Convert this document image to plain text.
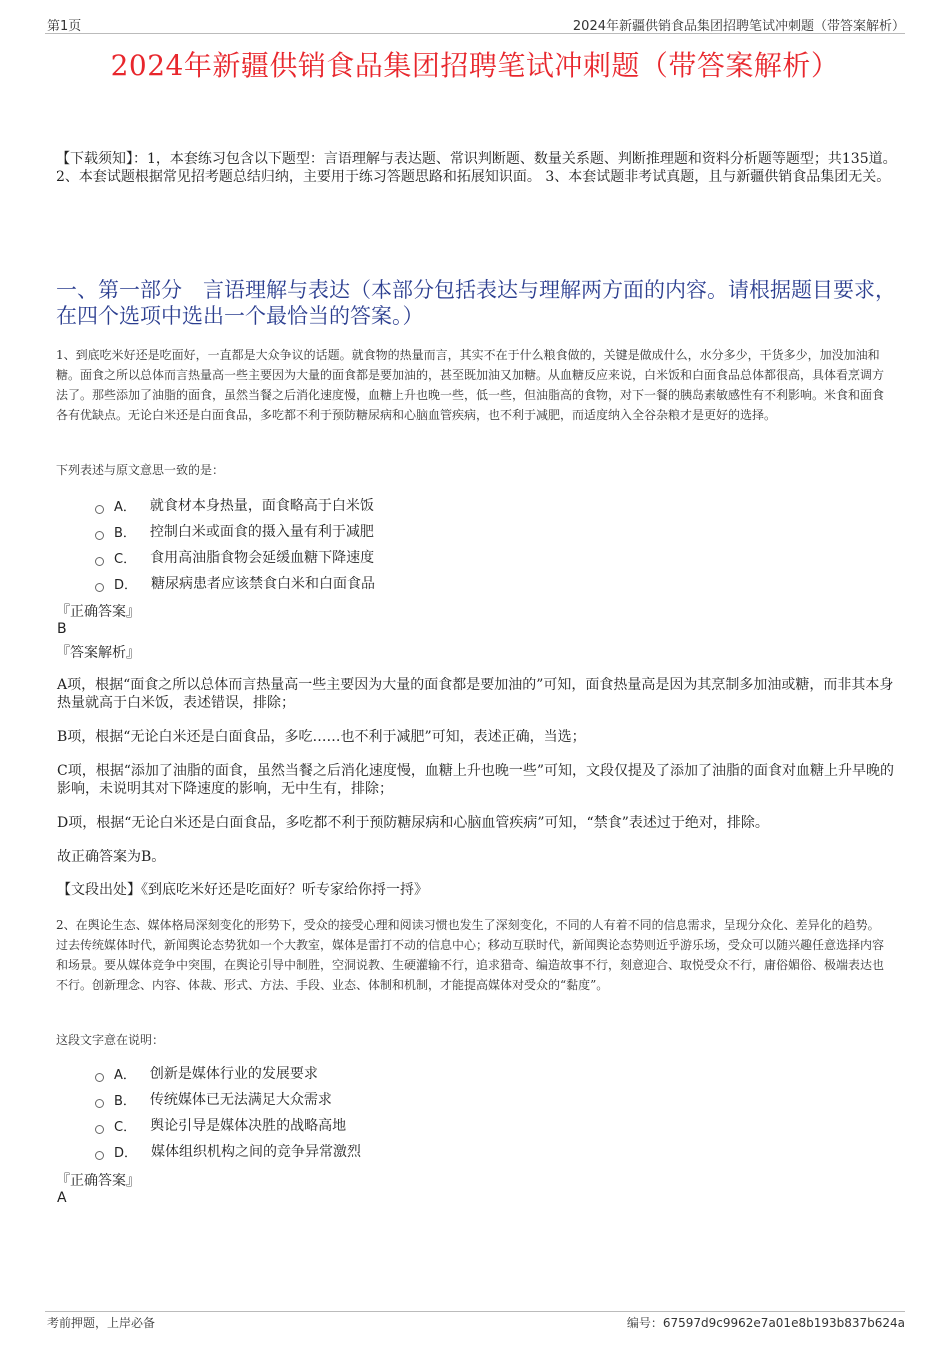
第1页	2024年新疆供销食品集团招聘笔试冲刺题（带答案解析）
2024年新疆供销食品集团招聘笔试冲刺题（带答案解析）
【下载须知】：1，本套练习包含以下题型：言语理解与表达题、常识判断题、数量关系题、判断推理题和资料分析题等题型；共135道。 2、本套试题根据常见招考题总结归纳，主要用于练习答题思路和拓展知识面。 3、本套试题非考试真题，且与新疆供销食品集团无关。
一、第一部分　言语理解与表达（本部分包括表达与理解两方面的内容。请根据题目要求，在四个选项中选出一个最恰当的答案。）
1、到底吃米好还是吃面好，一直都是大众争议的话题。就食物的热量而言，其实不在于什么粮食做的，关键是做成什么，水分多少，干货多少，加没加油和糖。面食之所以总体而言热量高一些主要因为大量的面食都是要加油的，甚至既加油又加糖。从血糖反应来说，白米饭和白面食品总体都很高，具体看烹调方法了。那些添加了油脂的面食，虽然当餐之后消化速度慢，血糖上升也晚一些，低一些，但油脂高的食物，对下一餐的胰岛素敏感性有不利影响。米食和面食各有优缺点。无论白米还是白面食品，多吃都不利于预防糖尿病和心脑血管疾病，也不利于减肥，而适度纳入全谷杂粮才是更好的选择。
下列表述与原文意思一致的是：
A． 就食材本身热量，面食略高于白米饭
B． 控制白米或面食的摄入量有利于减肥
C． 食用高油脂食物会延缓血糖下降速度
D． 糖尿病患者应该禁食白米和白面食品
『正确答案』
B
『答案解析』
A项，根据“面食之所以总体而言热量高一些主要因为大量的面食都是要加油的”可知，面食热量高是因为其烹制多加油或糖，而非其本身热量就高于白米饭，表述错误，排除；
B项，根据“无论白米还是白面食品，多吃……也不利于减肥”可知，表述正确，当选；
C项，根据“添加了油脂的面食，虽然当餐之后消化速度慢，血糖上升也晚一些”可知，文段仅提及了添加了油脂的面食对血糖上升早晚的影响，未说明其对下降速度的影响，无中生有，排除；
D项，根据“无论白米还是白面食品，多吃都不利于预防糖尿病和心脑血管疾病”可知，“禁食”表述过于绝对，排除。
故正确答案为B。
【文段出处】《到底吃米好还是吃面好？听专家给你捋一捋》
2、在舆论生态、媒体格局深刻变化的形势下，受众的接受心理和阅读习惯也发生了深刻变化，不同的人有着不同的信息需求，呈现分众化、差异化的趋势。过去传统媒体时代，新闻舆论态势犹如一个大教室，媒体是雷打不动的信息中心；移动互联时代，新闻舆论态势则近乎游乐场，受众可以随兴趣任意选择内容和场景。要从媒体竞争中突围，在舆论引导中制胜，空洞说教、生硬灌输不行，追求猎奇、编造故事不行，刻意迎合、取悦受众不行，庸俗媚俗、极端表达也不行。创新理念、内容、体裁、形式、方法、手段、业态、体制和机制，才能提高媒体对受众的“黏度”。
这段文字意在说明：
A． 创新是媒体行业的发展要求
B． 传统媒体已无法满足大众需求
C． 舆论引导是媒体决胜的战略高地
D． 媒体组织机构之间的竞争异常激烈
『正确答案』
A
考前押题，上岸必备	编号：67597d9c9962e7a01e8b193b837b624a
